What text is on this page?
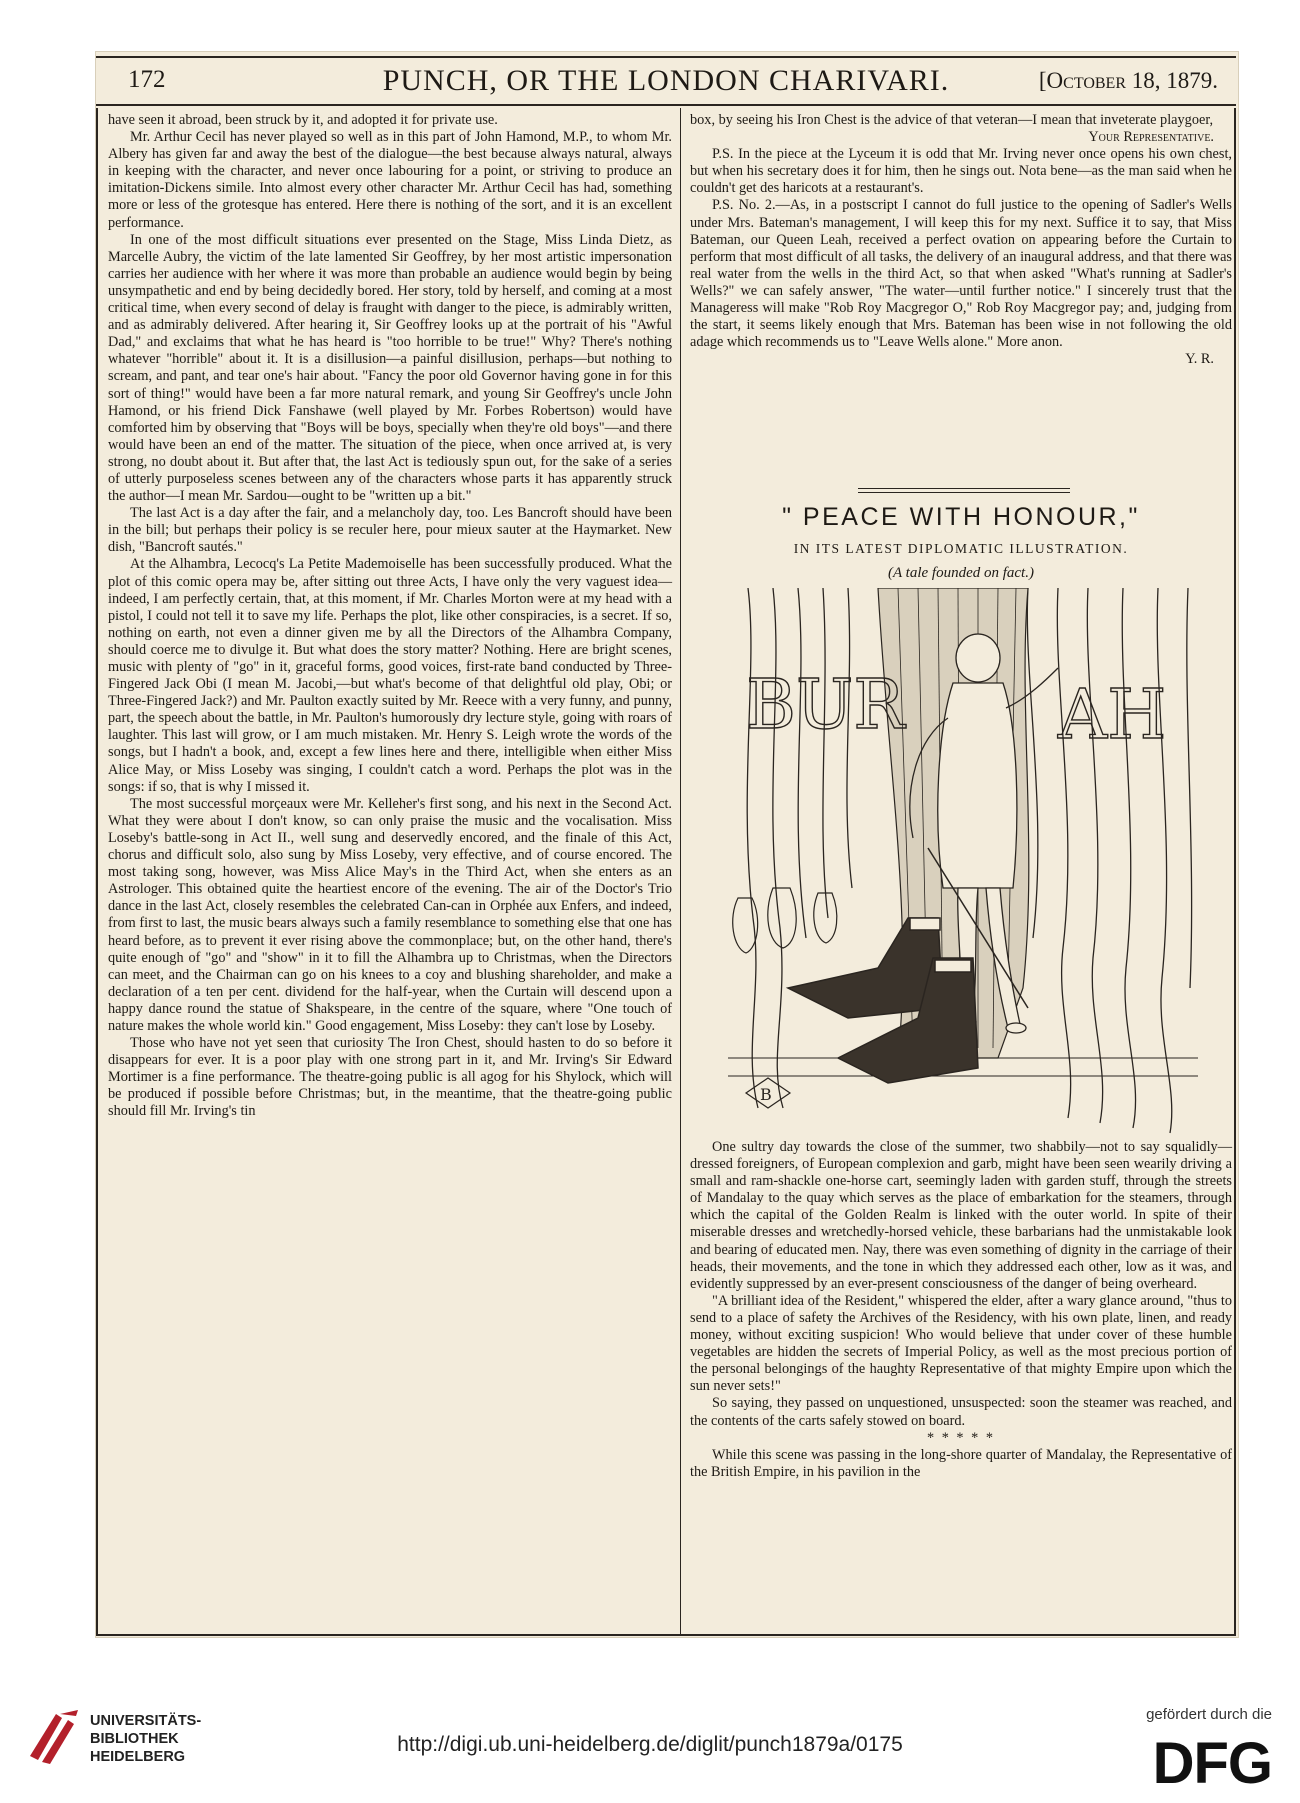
172	PUNCH, OR THE LONDON CHARIVARI.	[October 18, 1879.

have seen it abroad, been struck by it, and adopted it for private use.

Mr. Arthur Cecil has never played so well as in this part of John Hamond, M.P., to whom Mr. Albery has given far and away the best of the dialogue—the best because always natural, always in keeping with the character, and never once labouring for a point, or striving to produce an imitation-Dickens simile. Into almost every other character Mr. Arthur Cecil has had, something more or less of the grotesque has entered. Here there is nothing of the sort, and it is an excellent performance.

In one of the most difficult situations ever presented on the Stage, Miss Linda Dietz, as Marcelle Aubry, the victim of the late lamented Sir Geoffrey, by her most artistic impersonation carries her audience with her where it was more than probable an audience would begin by being unsympathetic and end by being decidedly bored. Her story, told by herself, and coming at a most critical time, when every second of delay is fraught with danger to the piece, is admirably written, and as admirably delivered. After hearing it, Sir Geoffrey looks up at the portrait of his "Awful Dad," and exclaims that what he has heard is "too horrible to be true!" Why? There's nothing whatever "horrible" about it. It is a disillusion—a painful disillusion, perhaps—but nothing to scream, and pant, and tear one's hair about. "Fancy the poor old Governor having gone in for this sort of thing!" would have been a far more natural remark, and young Sir Geoffrey's uncle John Hamond, or his friend Dick Fanshawe (well played by Mr. Forbes Robertson) would have comforted him by observing that "Boys will be boys, specially when they're old boys"—and there would have been an end of the matter. The situation of the piece, when once arrived at, is very strong, no doubt about it. But after that, the last Act is tediously spun out, for the sake of a series of utterly purposeless scenes between any of the characters whose parts it has apparently struck the author—I mean Mr. Sardou—ought to be "written up a bit."

The last Act is a day after the fair, and a melancholy day, too. Les Bancroft should have been in the bill; but perhaps their policy is se reculer here, pour mieux sauter at the Haymarket. New dish, "Bancroft sautés."

At the Alhambra, Lecocq's La Petite Mademoiselle has been successfully produced. What the plot of this comic opera may be, after sitting out three Acts, I have only the very vaguest idea—indeed, I am perfectly certain, that, at this moment, if Mr. Charles Morton were at my head with a pistol, I could not tell it to save my life. Perhaps the plot, like other conspiracies, is a secret. If so, nothing on earth, not even a dinner given me by all the Directors of the Alhambra Company, should coerce me to divulge it. But what does the story matter? Nothing. Here are bright scenes, music with plenty of "go" in it, graceful forms, good voices, first-rate band conducted by Three-Fingered Jack Obi (I mean M. Jacobi,—but what's become of that delightful old play, Obi; or Three-Fingered Jack?) and Mr. Paulton exactly suited by Mr. Reece with a very funny, and punny, part, the speech about the battle, in Mr. Paulton's humorously dry lecture style, going with roars of laughter. This last will grow, or I am much mistaken. Mr. Henry S. Leigh wrote the words of the songs, but I hadn't a book, and, except a few lines here and there, intelligible when either Miss Alice May, or Miss Loseby was singing, I couldn't catch a word. Perhaps the plot was in the songs: if so, that is why I missed it.

The most successful morçeaux were Mr. Kelleher's first song, and his next in the Second Act. What they were about I don't know, so can only praise the music and the vocalisation. Miss Loseby's battle-song in Act II., well sung and deservedly encored, and the finale of this Act, chorus and difficult solo, also sung by Miss Loseby, very effective, and of course encored. The most taking song, however, was Miss Alice May's in the Third Act, when she enters as an Astrologer. This obtained quite the heartiest encore of the evening. The air of the Doctor's Trio dance in the last Act, closely resembles the celebrated Can-can in Orphée aux Enfers, and indeed, from first to last, the music bears always such a family resemblance to something else that one has heard before, as to prevent it ever rising above the commonplace; but, on the other hand, there's quite enough of "go" and "show" in it to fill the Alhambra up to Christmas, when the Directors can meet, and the Chairman can go on his knees to a coy and blushing shareholder, and make a declaration of a ten per cent. dividend for the half-year, when the Curtain will descend upon a happy dance round the statue of Shakspeare, in the centre of the square, where "One touch of nature makes the whole world kin." Good engagement, Miss Loseby: they can't lose by Loseby.

Those who have not yet seen that curiosity The Iron Chest, should hasten to do so before it disappears for ever. It is a poor play with one strong part in it, and Mr. Irving's Sir Edward Mortimer is a fine performance. The theatre-going public is all agog for his Shylock, which will be produced if possible before Christmas; but, in the meantime, that the theatre-going public should fill Mr. Irving's tin

box, by seeing his Iron Chest is the advice of that veteran—I mean that inveterate playgoer,

Your Representative.

P.S. In the piece at the Lyceum it is odd that Mr. Irving never once opens his own chest, but when his secretary does it for him, then he sings out. Nota bene—as the man said when he couldn't get des haricots at a restaurant's.

P.S. No. 2.—As, in a postscript I cannot do full justice to the opening of Sadler's Wells under Mrs. Bateman's management, I will keep this for my next. Suffice it to say, that Miss Bateman, our Queen Leah, received a perfect ovation on appearing before the Curtain to perform that most difficult of all tasks, the delivery of an inaugural address, and that there was real water from the wells in the third Act, so that when asked "What's running at Sadler's Wells?" we can safely answer, "The water—until further notice." I sincerely trust that the Manageress will make "Rob Roy Macgregor O," Rob Roy Macgregor pay; and, judging from the start, it seems likely enough that Mrs. Bateman has been wise in not following the old adage which recommends us to "Leave Wells alone." More anon.

Y. R.

" PEACE WITH HONOUR,"
IN ITS LATEST DIPLOMATIC ILLUSTRATION.
(A tale founded on fact.)
BUR AH
B

One sultry day towards the close of the summer, two shabbily—not to say squalidly—dressed foreigners, of European complexion and garb, might have been seen wearily driving a small and ram-shackle one-horse cart, seemingly laden with garden stuff, through the streets of Mandalay to the quay which serves as the place of embarkation for the steamers, through which the capital of the Golden Realm is linked with the outer world. In spite of their miserable dresses and wretchedly-horsed vehicle, these barbarians had the unmistakable look and bearing of educated men. Nay, there was even something of dignity in the carriage of their heads, their movements, and the tone in which they addressed each other, low as it was, and evidently suppressed by an ever-present consciousness of the danger of being overheard.

"A brilliant idea of the Resident," whispered the elder, after a wary glance around, "thus to send to a place of safety the Archives of the Residency, with his own plate, linen, and ready money, without exciting suspicion! Who would believe that under cover of these humble vegetables are hidden the secrets of Imperial Policy, as well as the most precious portion of the personal belongings of the haughty Representative of that mighty Empire upon which the sun never sets!"

So saying, they passed on unquestioned, unsuspected: soon the steamer was reached, and the contents of the carts safely stowed on board.

* * * * *

While this scene was passing in the long-shore quarter of Mandalay, the Representative of the British Empire, in his pavilion in the

UNIVERSITÄTS-
BIBLIOTHEK
HEIDELBERG
http://digi.ub.uni-heidelberg.de/diglit/punch1879a/0175
gefördert durch die
DFG
